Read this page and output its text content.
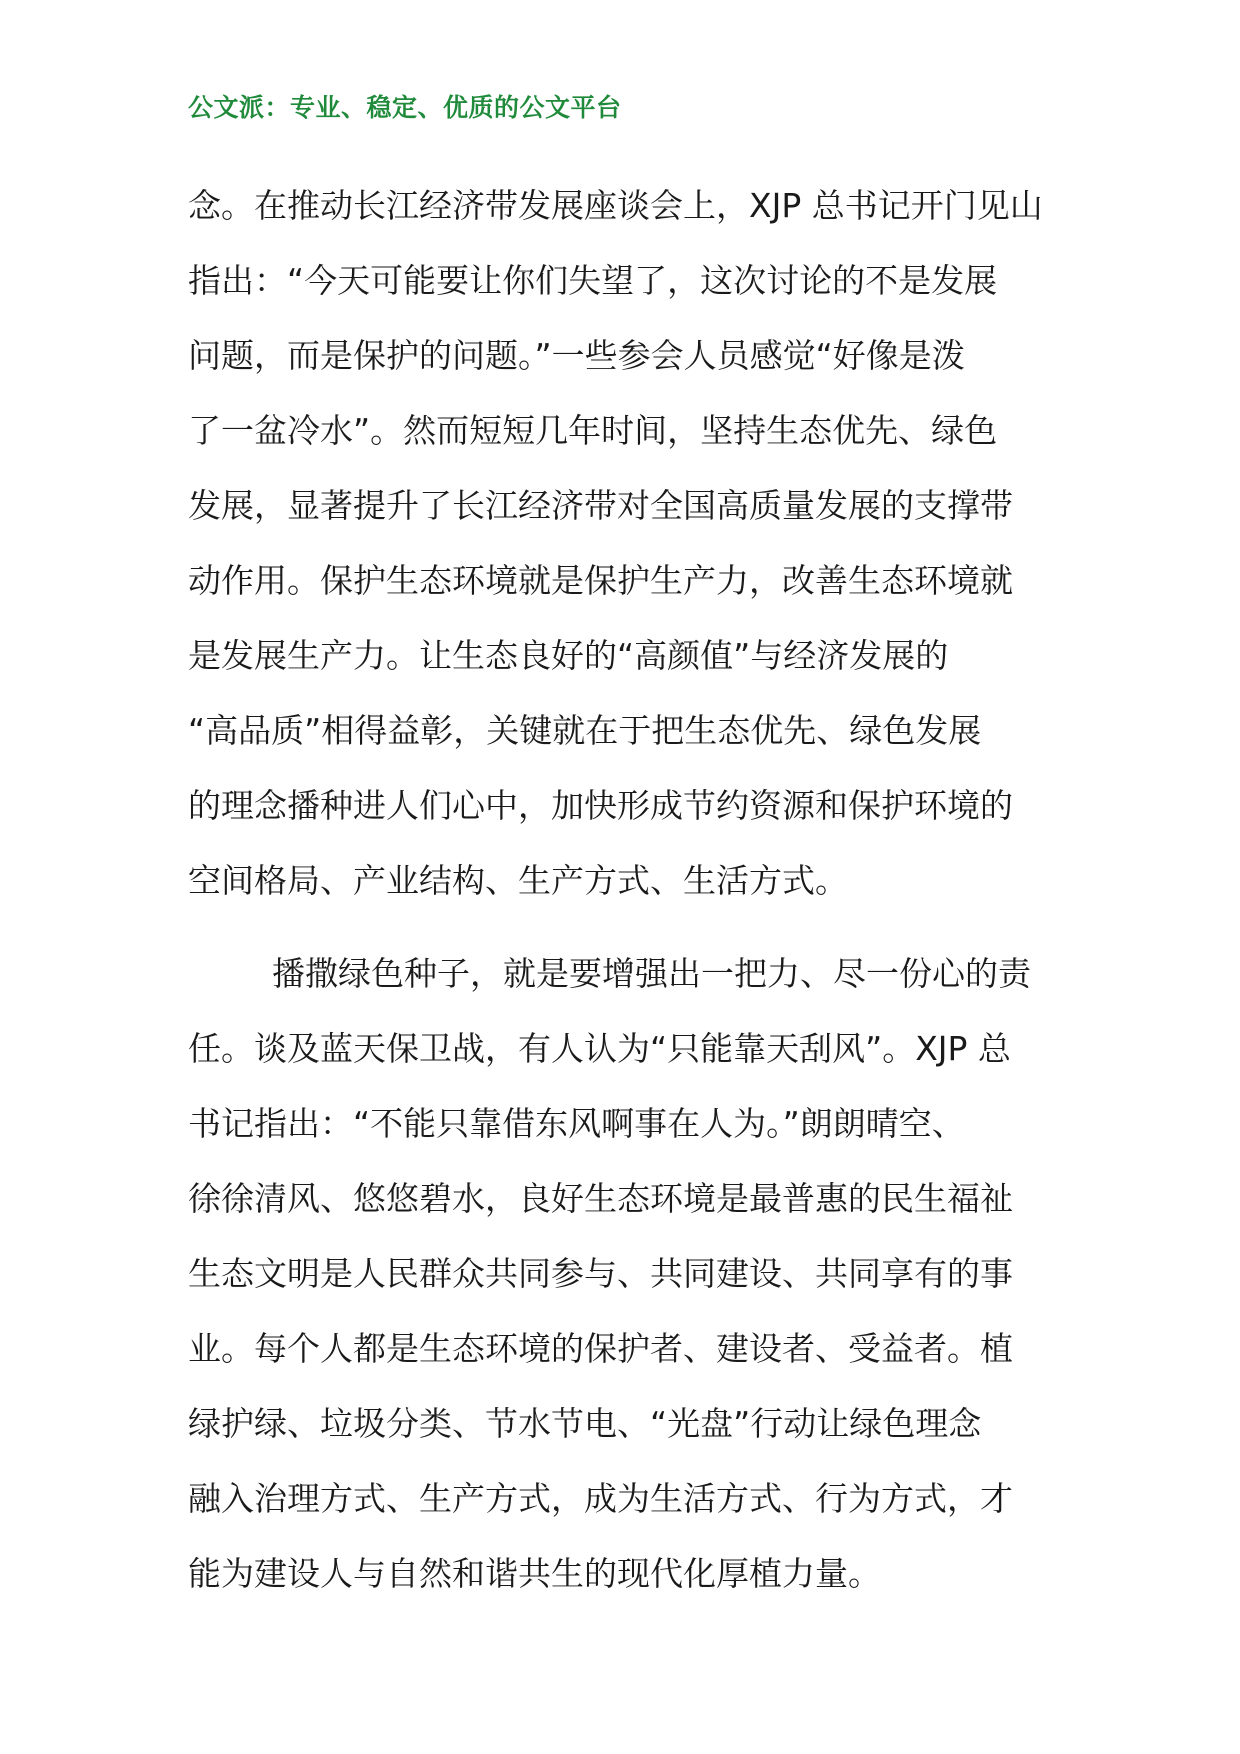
公文派：专业、稳定、优质的公文平台
念。在推动长江经济带发展座谈会上，XJP 总书记开门见山
指出：“今天可能要让你们失望了，这次讨论的不是发展
问题，而是保护的问题。”一些参会人员感觉“好像是泼
了一盆冷水”。然而短短几年时间，坚持生态优先、绿色
发展，显著提升了长江经济带对全国高质量发展的支撑带
动作用。保护生态环境就是保护生产力，改善生态环境就
是发展生产力。让生态良好的“高颜值”与经济发展的
“高品质”相得益彰，关键就在于把生态优先、绿色发展
的理念播种进人们心中，加快形成节约资源和保护环境的
空间格局、产业结构、生产方式、生活方式。
播撒绿色种子，就是要增强出一把力、尽一份心的责
任。谈及蓝天保卫战，有人认为“只能靠天刮风”。XJP 总
书记指出：“不能只靠借东风啊事在人为。”朗朗晴空、
徐徐清风、悠悠碧水，良好生态环境是最普惠的民生福祉
生态文明是人民群众共同参与、共同建设、共同享有的事
业。每个人都是生态环境的保护者、建设者、受益者。植
绿护绿、垃圾分类、节水节电、“光盘”行动让绿色理念
融入治理方式、生产方式，成为生活方式、行为方式，才
能为建设人与自然和谐共生的现代化厚植力量。
